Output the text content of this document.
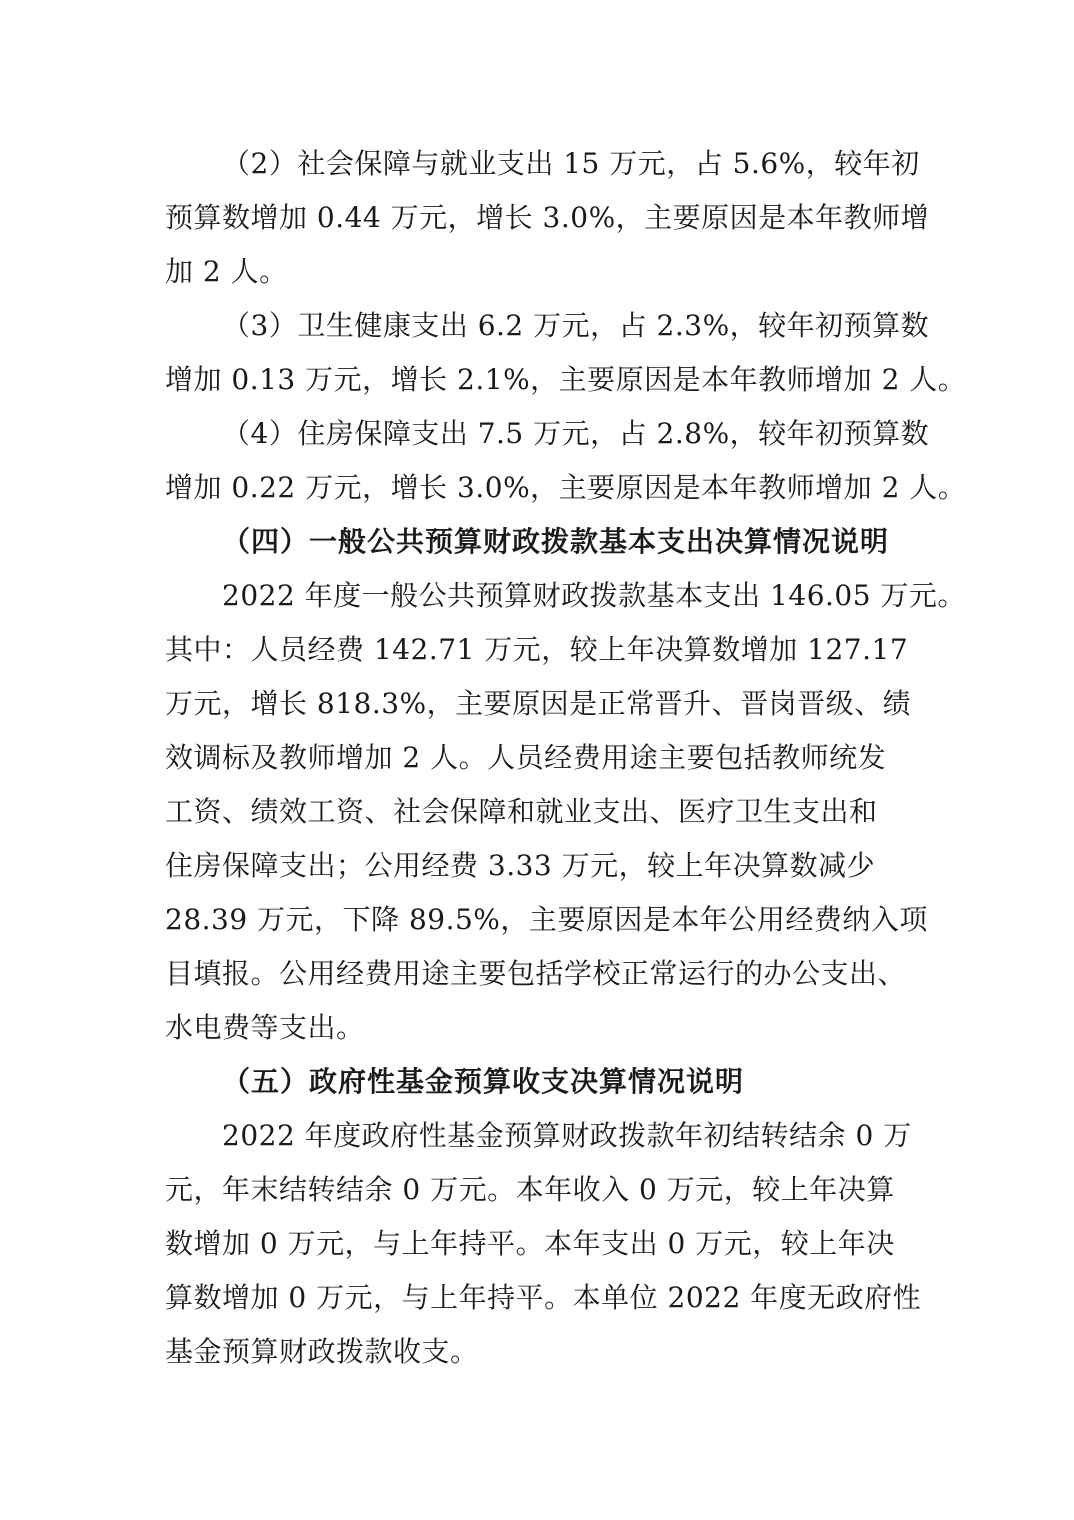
（2）社会保障与就业支出 15 万元，占 5.6%，较年初
预算数增加 0.44 万元，增长 3.0%，主要原因是本年教师增
加 2 人。
（3）卫生健康支出 6.2 万元，占 2.3%，较年初预算数
增加 0.13 万元，增长 2.1%，主要原因是本年教师增加 2 人。
（4）住房保障支出 7.5 万元，占 2.8%，较年初预算数
增加 0.22 万元，增长 3.0%，主要原因是本年教师增加 2 人。
（四）一般公共预算财政拨款基本支出决算情况说明
2022 年度一般公共预算财政拨款基本支出 146.05 万元。
其中：人员经费 142.71 万元，较上年决算数增加 127.17
万元，增长 818.3%，主要原因是正常晋升、晋岗晋级、绩
效调标及教师增加 2 人。人员经费用途主要包括教师统发
工资、绩效工资、社会保障和就业支出、医疗卫生支出和
住房保障支出；公用经费 3.33 万元，较上年决算数减少
28.39 万元，下降 89.5%，主要原因是本年公用经费纳入项
目填报。公用经费用途主要包括学校正常运行的办公支出、
水电费等支出。
（五）政府性基金预算收支决算情况说明
2022 年度政府性基金预算财政拨款年初结转结余 0 万
元，年末结转结余 0 万元。本年收入 0 万元，较上年决算
数增加 0 万元，与上年持平。本年支出 0 万元，较上年决
算数增加 0 万元，与上年持平。本单位 2022 年度无政府性
基金预算财政拨款收支。
